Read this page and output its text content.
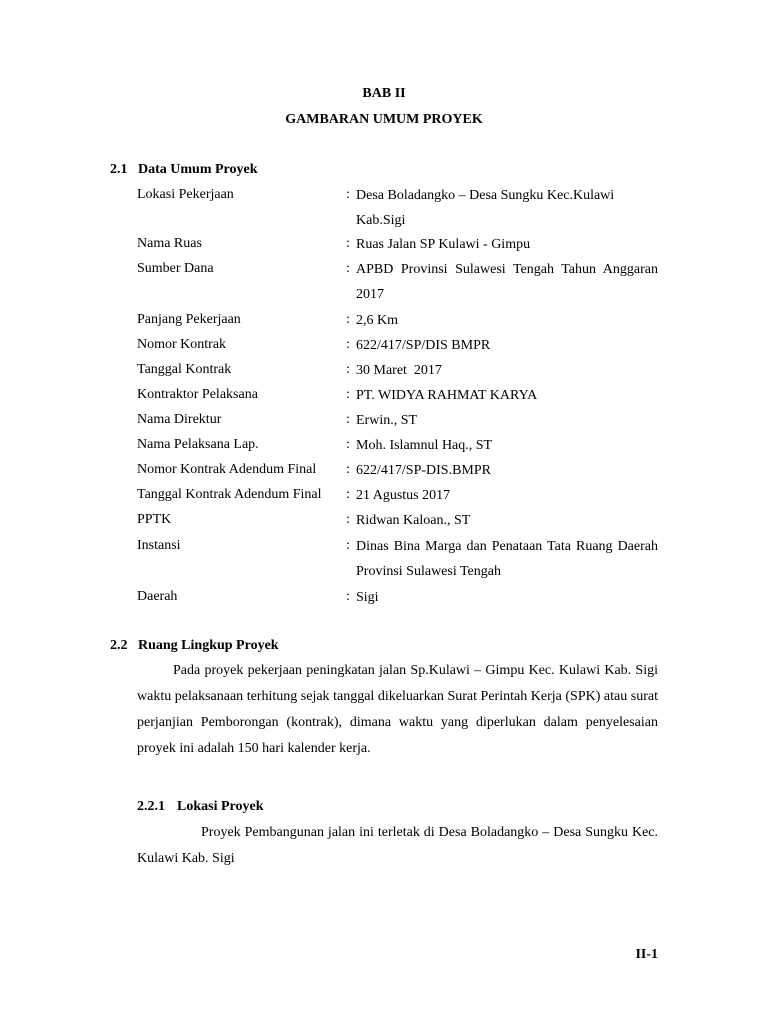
BAB II
GAMBARAN UMUM PROYEK
2.1 Data Umum Proyek
Lokasi Pekerjaan	: Desa Boladangko – Desa Sungku Kec.Kulawi Kab.Sigi
Nama Ruas	: Ruas Jalan SP Kulawi - Gimpu
Sumber Dana	: APBD Provinsi Sulawesi Tengah Tahun Anggaran 2017
Panjang Pekerjaan	: 2,6 Km
Nomor Kontrak	: 622/417/SP/DIS BMPR
Tanggal Kontrak	: 30 Maret  2017
Kontraktor Pelaksana	: PT. WIDYA RAHMAT KARYA
Nama Direktur	: Erwin., ST
Nama Pelaksana Lap.	: Moh. Islamnul Haq., ST
Nomor Kontrak Adendum Final : 622/417/SP-DIS.BMPR
Tanggal Kontrak Adendum Final : 21 Agustus 2017
PPTK	: Ridwan Kaloan., ST
Instansi	: Dinas Bina Marga dan Penataan Tata Ruang Daerah Provinsi Sulawesi Tengah
Daerah	: Sigi
2.2 Ruang Lingkup Proyek
Pada proyek pekerjaan peningkatan jalan Sp.Kulawi – Gimpu Kec. Kulawi Kab. Sigi waktu pelaksanaan terhitung sejak tanggal dikeluarkan Surat Perintah Kerja (SPK) atau surat perjanjian Pemborongan (kontrak), dimana waktu yang diperlukan dalam penyelesaian proyek ini adalah 150 hari kalender kerja.
2.2.1 Lokasi Proyek
Proyek Pembangunan jalan ini terletak di Desa Boladangko – Desa Sungku Kec. Kulawi Kab. Sigi
II-1
